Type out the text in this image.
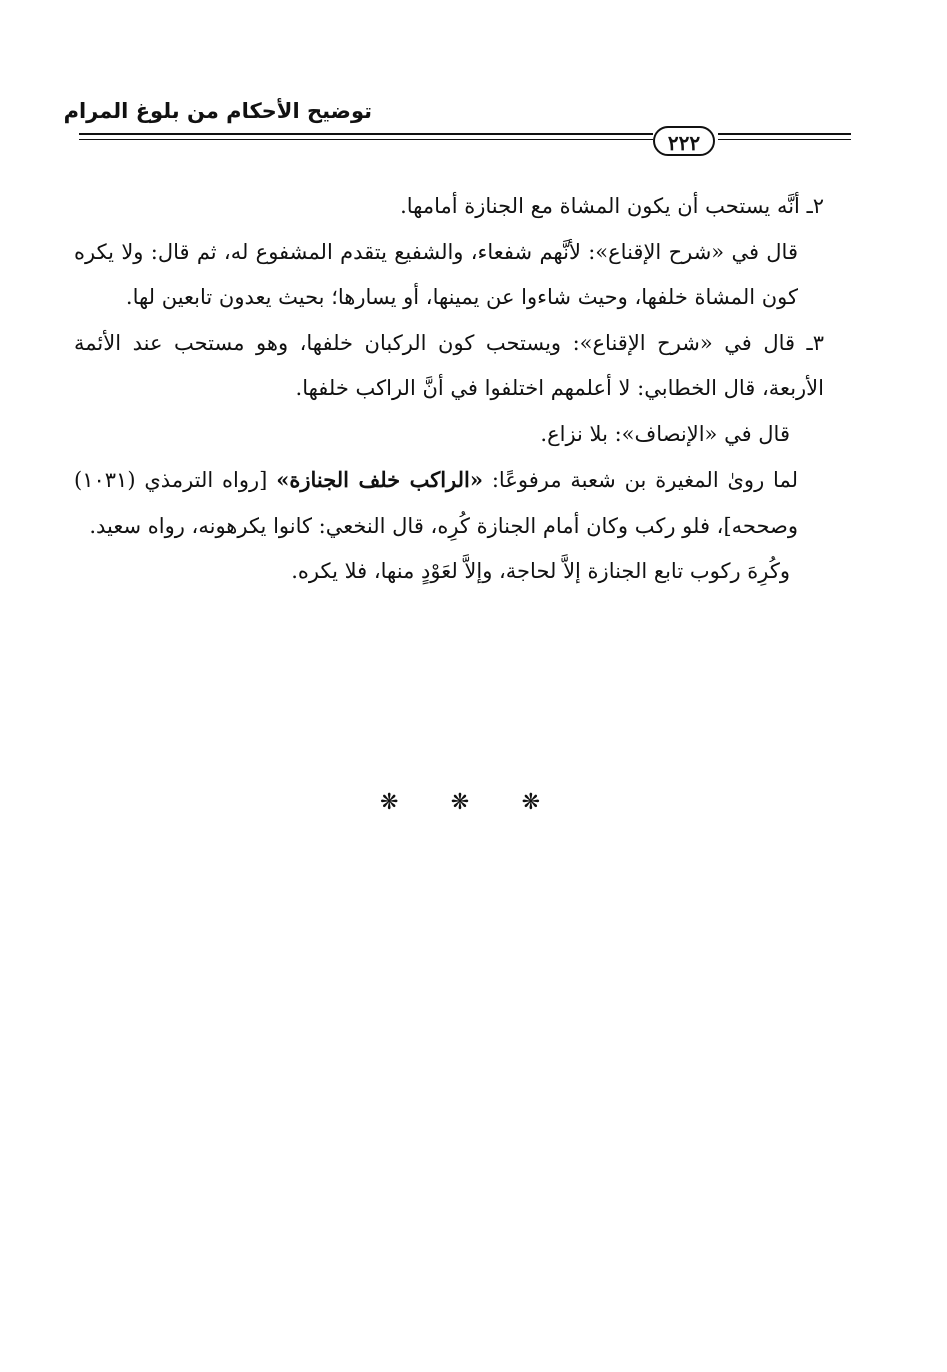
توضيح الأحكام من بلوغ المرام
٢٢٢

٢ـ أنَّه يستحب أن يكون المشاة مع الجنازة أمامها.

قال في «شرح الإقناع»: لأنَّهم شفعاء، والشفيع يتقدم المشفوع له، ثم قال: ولا يكره كون المشاة خلفها، وحيث شاءوا عن يمينها، أو يسارها؛ بحيث يعدون تابعين لها.

٣ـ قال في «شرح الإقناع»: ويستحب كون الركبان خلفها، وهو مستحب عند الأئمة الأربعة، قال الخطابي: لا أعلمهم اختلفوا في أنَّ الراكب خلفها.

قال في «الإنصاف»: بلا نزاع.

لما روىٰ المغيرة بن شعبة مرفوعًا: «الراكب خلف الجنازة» [رواه الترمذي (١٠٣١) وصححه]، فلو ركب وكان أمام الجنازة كُرِه، قال النخعي: كانوا يكرهونه، رواه سعيد.

وكُرِهَ ركوب تابع الجنازة إلاَّ لحاجة، وإلاَّ لعَوْدٍ منها، فلا يكره.

❋ ❋ ❋
